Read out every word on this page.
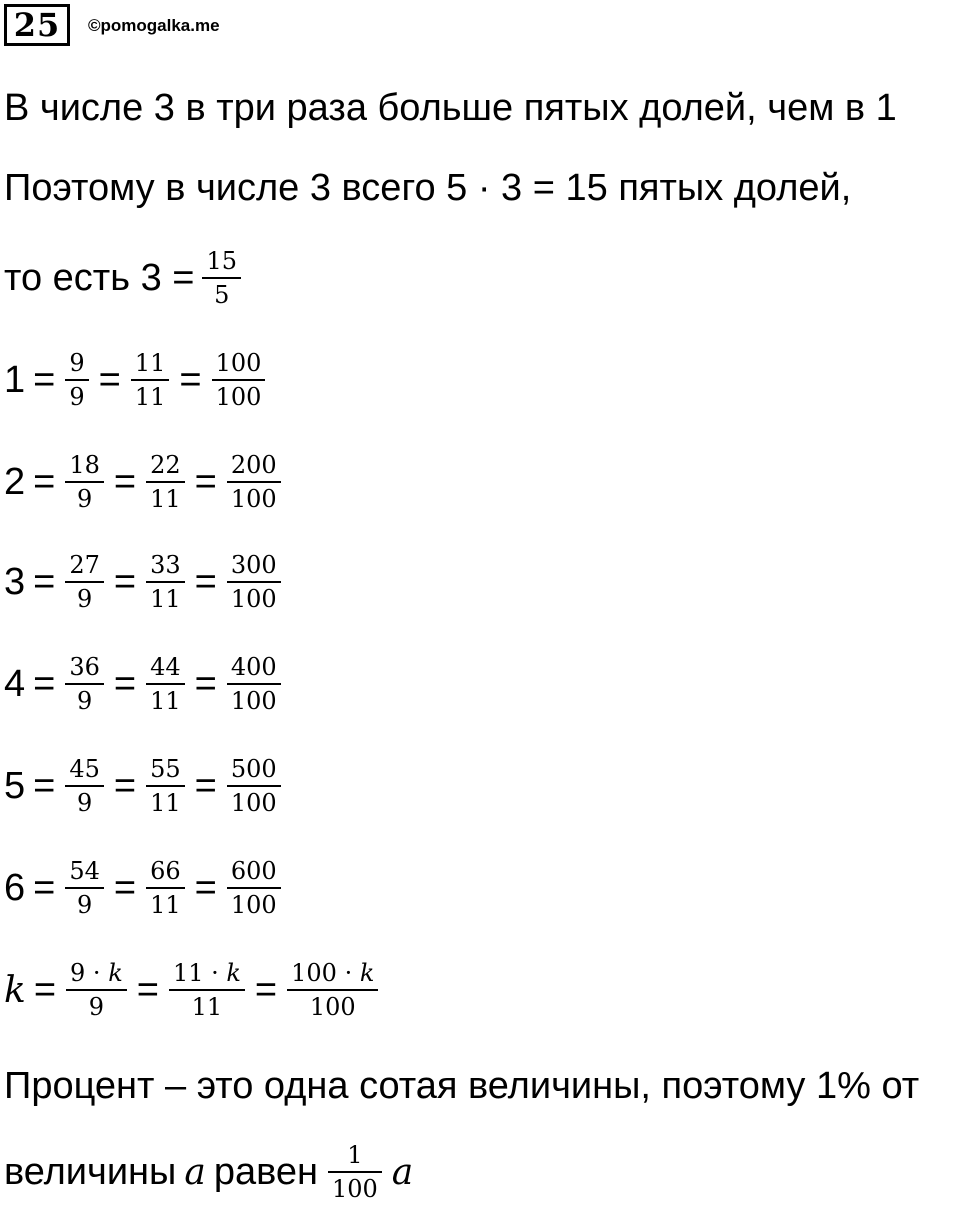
25	©pomogalka.me
В числе 3 в три раза больше пятых долей, чем в 1
Поэтому в числе 3 всего 5 · 3 = 15 пятых долей,
то есть $3 = \frac{15}{5}$
$1 = \frac{9}{9} = \frac{11}{11} = \frac{100}{100}$
$2 = \frac{18}{9} = \frac{22}{11} = \frac{200}{100}$
$3 = \frac{27}{9} = \frac{33}{11} = \frac{300}{100}$
$4 = \frac{36}{9} = \frac{44}{11} = \frac{400}{100}$
$5 = \frac{45}{9} = \frac{55}{11} = \frac{500}{100}$
$6 = \frac{54}{9} = \frac{66}{11} = \frac{600}{100}$
$k = \frac{9 \cdot k}{9} = \frac{11 \cdot k}{11} = \frac{100 \cdot k}{100}$
Процент – это одна сотая величины, поэтому 1% от
величины a равен $\frac{1}{100}$ a
